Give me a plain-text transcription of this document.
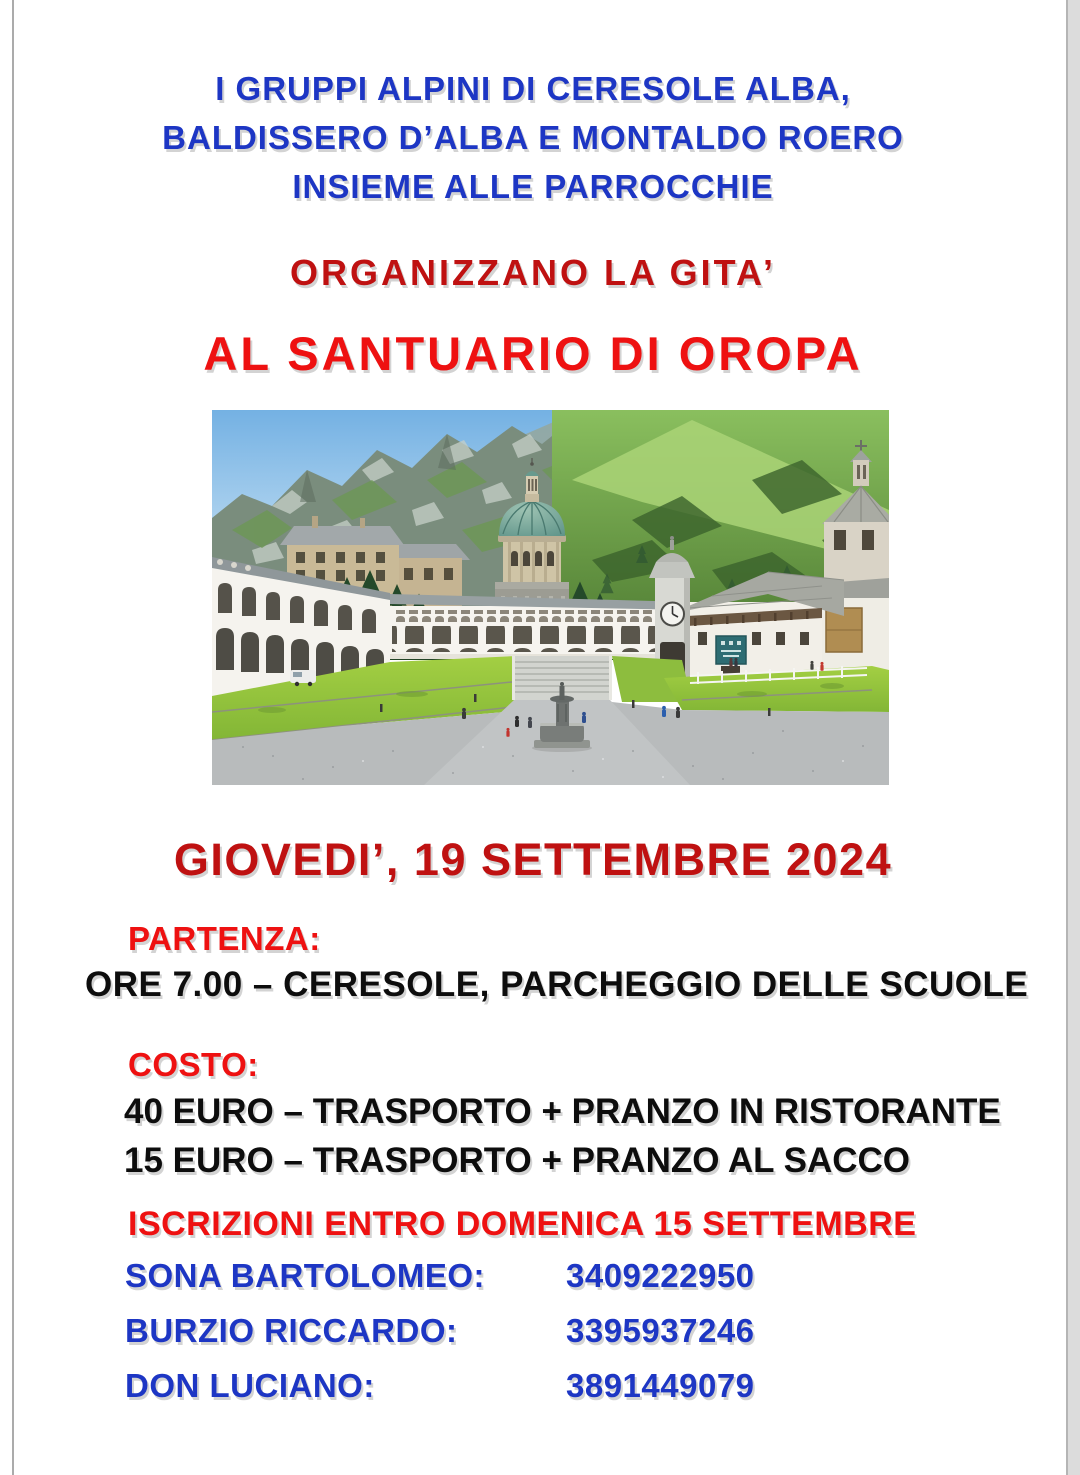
I GRUPPI ALPINI DI CERESOLE ALBA,
BALDISSERO D’ALBA E MONTALDO ROERO
INSIEME ALLE PARROCCHIE
ORGANIZZANO LA GITA’
AL SANTUARIO DI OROPA
GIOVEDI’, 19 SETTEMBRE 2024
PARTENZA:
ORE 7.00 – CERESOLE, PARCHEGGIO DELLE SCUOLE
COSTO:
40 EURO – TRASPORTO + PRANZO IN RISTORANTE
15 EURO – TRASPORTO + PRANZO AL SACCO
ISCRIZIONI ENTRO DOMENICA 15 SETTEMBRE
SONA BARTOLOMEO:	3409222950
BURZIO RICCARDO:	3395937246
DON LUCIANO:	3891449079
